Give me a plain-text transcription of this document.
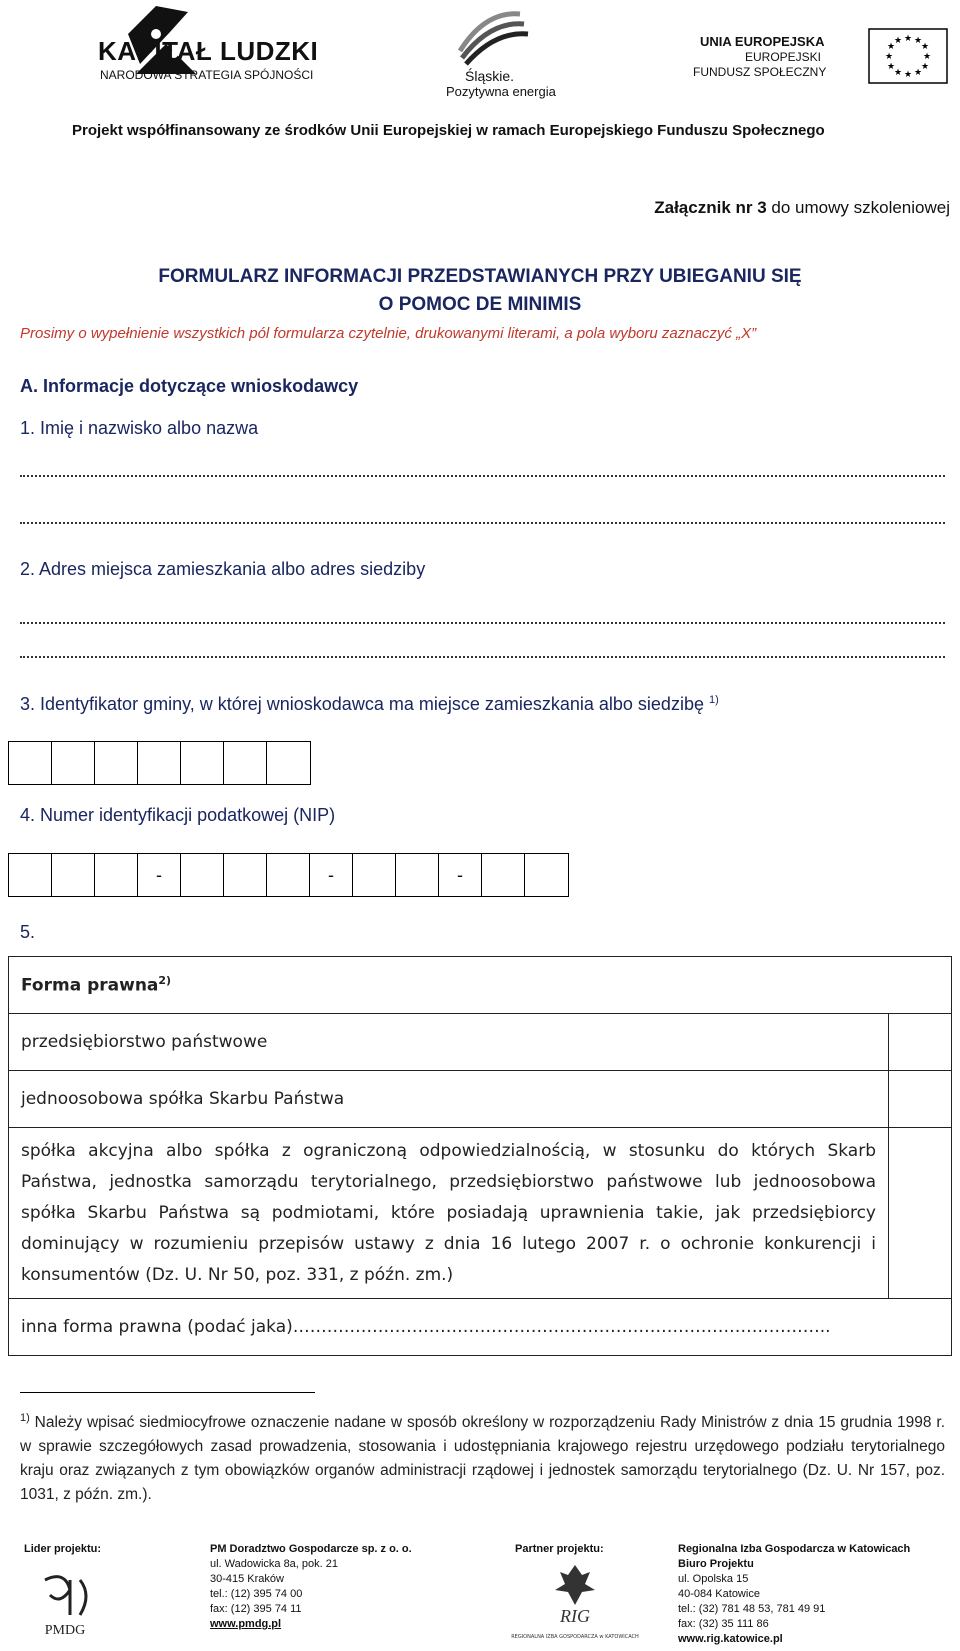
KAPITAŁ LUDZKI
NARODOWA STRATEGIA SPÓJNOŚCI	Śląskie.
Pozytywna energia
UNIA EUROPEJSKA
EUROPEJSKI
FUNDUSZ SPOŁECZNY
★ ★
★
★
★
★
★
★
★
★
★
★
Projekt współfinansowany ze środków Unii Europejskiej w ramach Europejskiego Funduszu Społecznego
Załącznik nr 3 do umowy szkoleniowej
FORMULARZ INFORMACJI PRZEDSTAWIANYCH PRZY UBIEGANIU SIĘ
O POMOC DE MINIMIS
Prosimy o wypełnienie wszystkich pól formularza czytelnie, drukowanymi literami, a pola wyboru zaznaczyć „X”
A. Informacje dotyczące wnioskodawcy
1. Imię i nazwisko albo nazwa
2. Adres miejsca zamieszkania albo adres siedziby
3. Identyfikator gminy, w której wnioskodawca ma miejsce zamieszkania albo siedzibę $^{1)}$
4. Numer identyfikacji podatkowej (NIP)
-	-	-
5.
Forma prawna$^{2)}$
przedsiębiorstwo państwowe	
jednoosobowa spółka Skarbu Państwa	
spółka akcyjna albo spółka z ograniczoną odpowiedzialnością, w stosunku do których Skarb Państwa, jednostka samorządu terytorialnego, przedsiębiorstwo państwowe lub jednoosobowa spółka Skarbu Państwa są podmiotami, które posiadają uprawnienia takie, jak przedsiębiorcy dominujący w rozumieniu przepisów ustawy z dnia 16 lutego 2007 r. o ochronie konkurencji i konsumentów (Dz. U. Nr 50, poz. 331, z późn. zm.)	
inna forma prawna (podać jaka)…………………………………………………………………………………..	
$^{1)}$ Należy wpisać siedmiocyfrowe oznaczenie nadane w sposób określony w rozporządzeniu Rady Ministrów z dnia 15 grudnia 1998 r. w sprawie szczegółowych zasad prowadzenia, stosowania i udostępniania krajowego rejestru urzędowego podziału terytorialnego kraju oraz związanych z tym obowiązków organów administracji rządowej i jednostek samorządu terytorialnego (Dz. U. Nr 157, poz. 1031, z późn. zm.).
Lider projektu:
PMDG
PM Doradztwo Gospodarcze sp. z o. o.
ul. Wadowicka 8a, pok. 21
30-415 Kraków
tel.: (12) 395 74 00
fax: (12) 395 74 11
www.pmdg.pl
Partner projektu:
RIG
REGIONALNA IZBA GOSPODARCZA w KATOWICACH
Regionalna Izba Gospodarcza w Katowicach
Biuro Projektu
ul. Opolska 15
40-084 Katowice
tel.: (32) 781 48 53, 781 49 91
fax: (32) 35 111 86
www.rig.katowice.pl
